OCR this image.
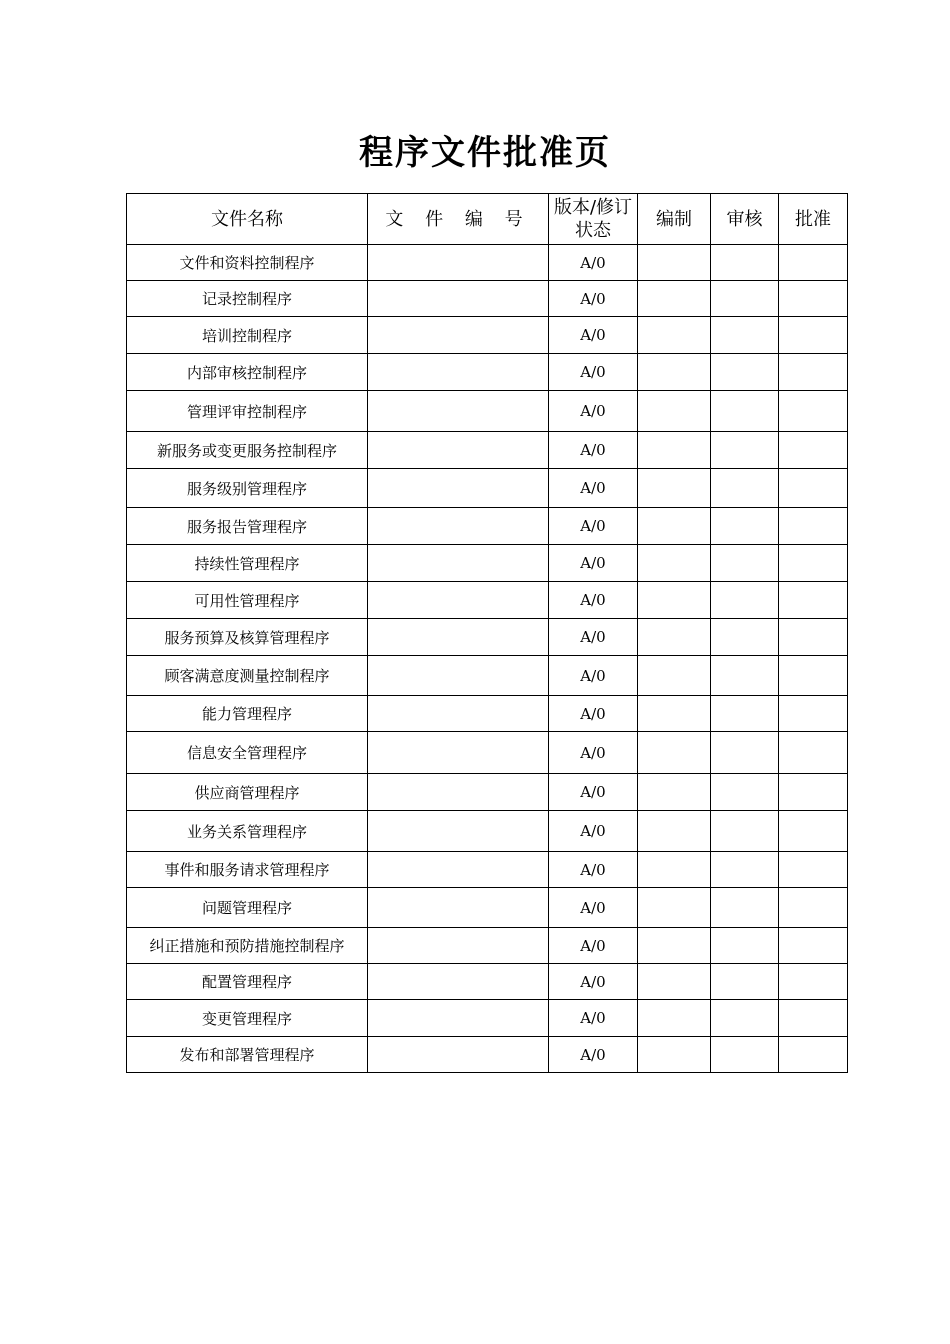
程序文件批准页
文件名称	文 件 编 号	版本/修订状态	编制	审核	批准
文件和资料控制程序		A/0			
记录控制程序		A/0			
培训控制程序		A/0			
内部审核控制程序		A/0			
管理评审控制程序		A/0			
新服务或变更服务控制程序		A/0			
服务级别管理程序		A/0			
服务报告管理程序		A/0			
持续性管理程序		A/0			
可用性管理程序		A/0			
服务预算及核算管理程序		A/0			
顾客满意度测量控制程序		A/0			
能力管理程序		A/0			
信息安全管理程序		A/0			
供应商管理程序		A/0			
业务关系管理程序		A/0			
事件和服务请求管理程序		A/0			
问题管理程序		A/0			
纠正措施和预防措施控制程序		A/0			
配置管理程序		A/0			
变更管理程序		A/0			
发布和部署管理程序		A/0			
